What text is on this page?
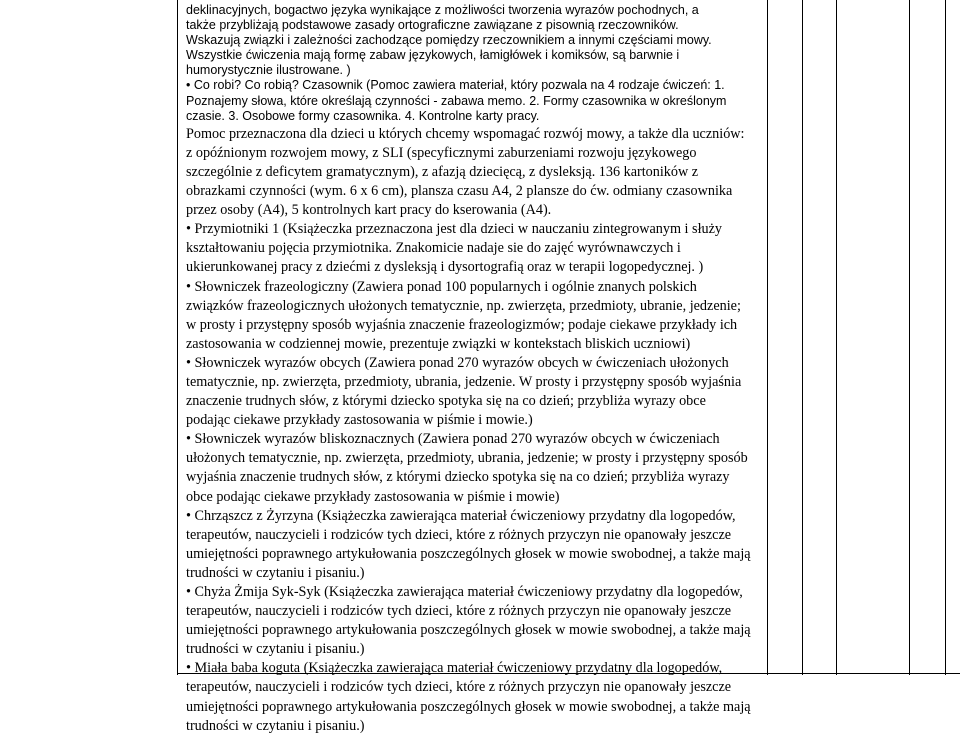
deklinacyjnych, bogactwo języka wynikające z możliwości tworzenia wyrazów pochodnych, a
także przybliżają podstawowe zasady ortograficzne zawiązane z pisownią rzeczowników.
Wskazują związki i zależności zachodzące pomiędzy rzeczownikiem a innymi częściami mowy.
Wszystkie ćwiczenia mają formę zabaw językowych, łamigłówek i komiksów, są barwnie i
humorystycznie ilustrowane. )
• Co robi? Co robią? Czasownik (Pomoc zawiera materiał, który pozwala na 4 rodzaje ćwiczeń: 1.
Poznajemy słowa, które określają czynności - zabawa memo. 2. Formy czasownika w określonym
czasie. 3. Osobowe formy czasownika. 4. Kontrolne karty pracy.
Pomoc przeznaczona dla dzieci u których chcemy wspomagać rozwój mowy, a także dla uczniów:
z opóźnionym rozwojem mowy, z SLI (specyficznymi zaburzeniami rozwoju językowego
szczególnie z deficytem gramatycznym), z afazją dziecięcą, z dysleksją. 136 kartoników z
obrazkami czynności (wym. 6 x 6 cm), plansza czasu A4, 2 plansze do ćw. odmiany czasownika
przez osoby (A4), 5 kontrolnych kart pracy do kserowania (A4).
• Przymiotniki 1 (Książeczka przeznaczona jest dla dzieci w nauczaniu zintegrowanym i służy
kształtowaniu pojęcia przymiotnika. Znakomicie nadaje sie do zajęć wyrównawczych i
ukierunkowanej pracy z dziećmi z dysleksją i dysortografią oraz w terapii logopedycznej. )
• Słowniczek frazeologiczny (Zawiera ponad 100 popularnych i ogólnie znanych polskich
związków frazeologicznych ułożonych tematycznie, np. zwierzęta, przedmioty, ubranie, jedzenie;
w prosty i przystępny sposób wyjaśnia znaczenie frazeologizmów; podaje ciekawe przykłady ich
zastosowania w codziennej mowie, prezentuje związki w kontekstach bliskich uczniowi)
• Słowniczek wyrazów obcych (Zawiera ponad 270 wyrazów obcych w ćwiczeniach ułożonych
tematycznie, np. zwierzęta, przedmioty, ubrania, jedzenie. W prosty i przystępny sposób wyjaśnia
znaczenie trudnych słów, z którymi dziecko spotyka się na co dzień; przybliża wyrazy obce
podając ciekawe przykłady zastosowania w piśmie i mowie.)
• Słowniczek wyrazów bliskoznacznych (Zawiera ponad 270 wyrazów obcych w ćwiczeniach
ułożonych tematycznie, np. zwierzęta, przedmioty, ubrania, jedzenie; w prosty i przystępny sposób
wyjaśnia znaczenie trudnych słów, z którymi dziecko spotyka się na co dzień; przybliża wyrazy
obce podając ciekawe przykłady zastosowania w piśmie i mowie)
• Chrząszcz z Żyrzyna (Książeczka zawierająca materiał ćwiczeniowy przydatny dla logopedów,
terapeutów, nauczycieli i rodziców tych dzieci, które z różnych przyczyn nie opanowały jeszcze
umiejętności poprawnego artykułowania poszczególnych głosek w mowie swobodnej, a także mają
trudności w czytaniu i pisaniu.)
• Chyża Żmija Syk-Syk (Książeczka zawierająca materiał ćwiczeniowy przydatny dla logopedów,
terapeutów, nauczycieli i rodziców tych dzieci, które z różnych przyczyn nie opanowały jeszcze
umiejętności poprawnego artykułowania poszczególnych głosek w mowie swobodnej, a także mają
trudności w czytaniu i pisaniu.)
• Miała baba koguta (Książeczka zawierająca materiał ćwiczeniowy przydatny dla logopedów,
terapeutów, nauczycieli i rodziców tych dzieci, które z różnych przyczyn nie opanowały jeszcze
umiejętności poprawnego artykułowania poszczególnych głosek w mowie swobodnej, a także mają
trudności w czytaniu i pisaniu.)
